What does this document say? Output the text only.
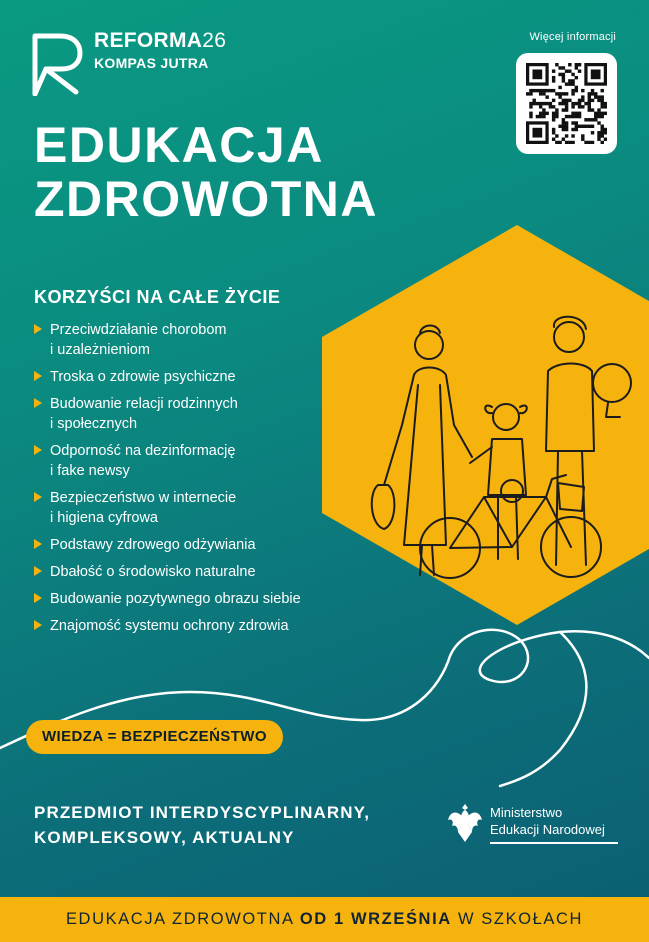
REFORMA26
KOMPAS JUTRA
Więcej informacji
EDUKACJA
ZDROWOTNA
KORZYŚCI NA CAŁE ŻYCIE
Przeciwdziałanie chorobom
i uzależnieniom
Troska o zdrowie psychiczne
Budowanie relacji rodzinnych
i społecznych
Odporność na dezinformację
i fake newsy
Bezpieczeństwo w internecie
i higiena cyfrowa
Podstawy zdrowego odżywiania
Dbałość o środowisko naturalne
Budowanie pozytywnego obrazu siebie
Znajomość systemu ochrony zdrowia
WIEDZA = BEZPIECZEŃSTWO
PRZEDMIOT INTERDYSCYPLINARNY,
KOMPLEKSOWY, AKTUALNY
Ministerstwo
Edukacji Narodowej
EDUKACJA ZDROWOTNA OD 1 WRZEŚNIA W SZKOŁACH
